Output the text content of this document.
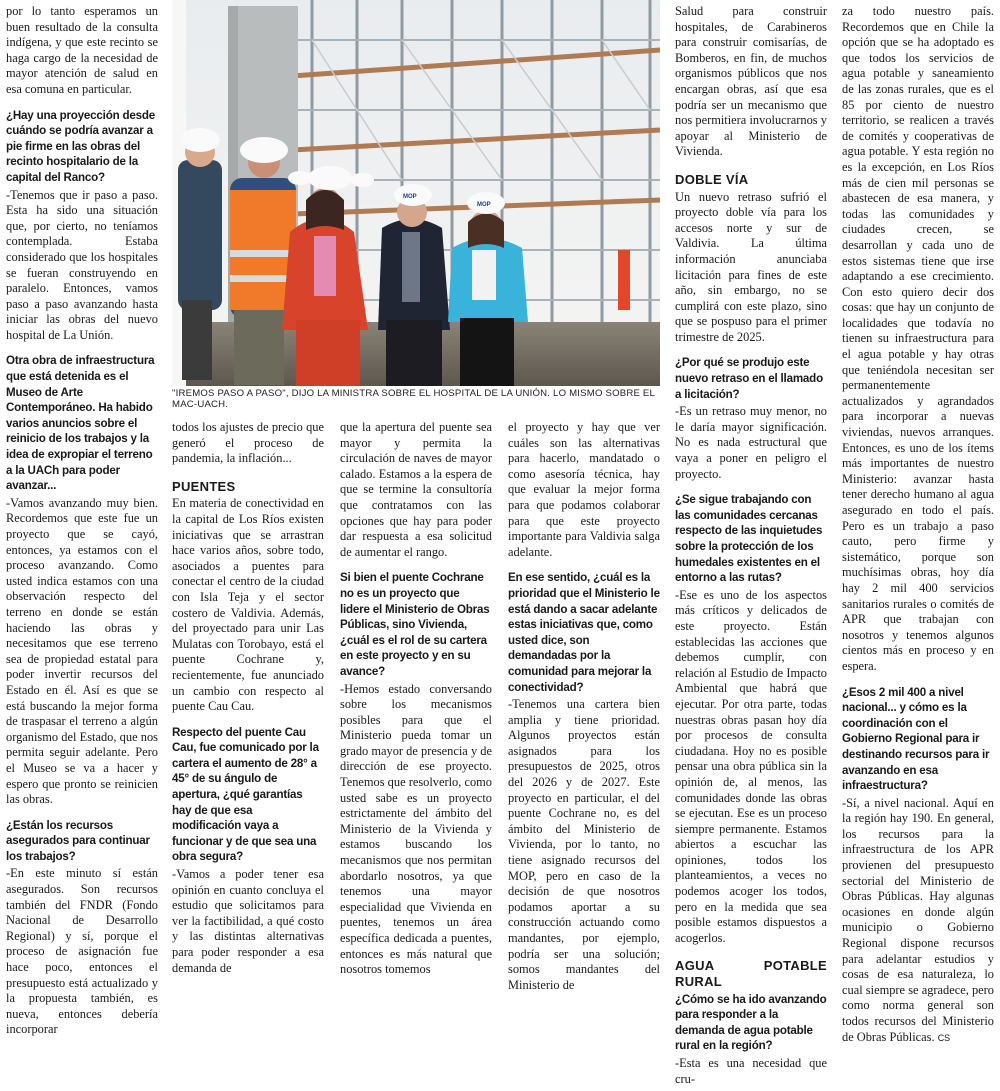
por lo tanto esperamos un buen resultado de la consulta indígena, y que este recinto se haga cargo de la necesidad de mayor atención de salud en esa comuna en particular.

¿Hay una proyección desde cuándo se podría avanzar a pie firme en las obras del recinto hospitalario de la capital del Ranco?

-Tenemos que ir paso a paso. Esta ha sido una situación que, por cierto, no teníamos contemplada. Estaba considerado que los hospitales se fueran construyendo en paralelo. Entonces, vamos paso a paso avanzando hasta iniciar las obras del nuevo hospital de La Unión.

Otra obra de infraestructura que está detenida es el Museo de Arte Contemporáneo. Ha habido varios anuncios sobre el reinicio de los trabajos y la idea de expropiar el terreno a la UACh para poder avanzar...

-Vamos avanzando muy bien. Recordemos que este fue un proyecto que se cayó, entonces, ya estamos con el proceso avanzando. Como usted indica estamos con una observación respecto del terreno en donde se están haciendo las obras y necesitamos que ese terreno sea de propiedad estatal para poder invertir recursos del Estado en él. Así es que se está buscando la mejor forma de traspasar el terreno a algún organismo del Estado, que nos permita seguir adelante. Pero el Museo se va a hacer y espero que pronto se reinicien las obras.

¿Están los recursos asegurados para continuar los trabajos?

-En este minuto sí están asegurados. Son recursos también del FNDR (Fondo Nacional de Desarrollo Regional) y sí, porque el proceso de asignación fue hace poco, entonces el presupuesto está actualizado y la propuesta también, es nueva, entonces debería incorporar

MOP
MOP
"IREMOS PASO A PASO", DIJO LA MINISTRA SOBRE EL HOSPITAL DE LA UNIÓN. LO MISMO SOBRE EL MAC-UACH.

todos los ajustes de precio que generó el proceso de pandemia, la inflación...

PUENTES

En materia de conectividad en la capital de Los Ríos existen iniciativas que se arrastran hace varios años, sobre todo, asociados a puentes para conectar el centro de la ciudad con Isla Teja y el sector costero de Valdivia. Además, del proyectado para unir Las Mulatas con Torobayo, está el puente Cochrane y, recientemente, fue anunciado un cambio con respecto al puente Cau Cau.

Respecto del puente Cau Cau, fue comunicado por la cartera el aumento de 28° a 45° de su ángulo de apertura, ¿qué garantías hay de que esa modificación vaya a funcionar y de que sea una obra segura?

-Vamos a poder tener esa opinión en cuanto concluya el estudio que solicitamos para ver la factibilidad, a qué costo y las distintas alternativas para poder responder a esa demanda de

que la apertura del puente sea mayor y permita la circulación de naves de mayor calado. Estamos a la espera de que se termine la consultoría que contratamos con las opciones que hay para poder dar respuesta a esa solicitud de aumentar el rango.

Si bien el puente Cochrane no es un proyecto que lidere el Ministerio de Obras Públicas, sino Vivienda, ¿cuál es el rol de su cartera en este proyecto y en su avance?

-Hemos estado conversando sobre los mecanismos posibles para que el Ministerio pueda tomar un grado mayor de presencia y de dirección de ese proyecto. Tenemos que resolverlo, como usted sabe es un proyecto estrictamente del ámbito del Ministerio de la Vivienda y estamos buscando los mecanismos que nos permitan abordarlo nosotros, ya que tenemos una mayor especialidad que Vivienda en puentes, tenemos un área específica dedicada a puentes, entonces es más natural que nosotros tomemos

el proyecto y hay que ver cuáles son las alternativas para hacerlo, mandatado o como asesoría técnica, hay que evaluar la mejor forma para que podamos colaborar para que este proyecto importante para Valdivia salga adelante.

En ese sentido, ¿cuál es la prioridad que el Ministerio le está dando a sacar adelante estas iniciativas que, como usted dice, son demandadas por la comunidad para mejorar la conectividad?

-Tenemos una cartera bien amplia y tiene prioridad. Algunos proyectos están asignados para los presupuestos de 2025, otros del 2026 y de 2027. Este proyecto en particular, el del puente Cochrane no, es del ámbito del Ministerio de Vivienda, por lo tanto, no tiene asignado recursos del MOP, pero en caso de la decisión de que nosotros podamos aportar a su construcción actuando como mandantes, por ejemplo, podría ser una solución; somos mandantes del Ministerio de

Salud para construir hospitales, de Carabineros para construir comisarías, de Bomberos, en fin, de muchos organismos públicos que nos encargan obras, así que esa podría ser un mecanismo que nos permitiera involucrarnos y apoyar al Ministerio de Vivienda.

DOBLE VÍA

Un nuevo retraso sufrió el proyecto doble vía para los accesos norte y sur de Valdivia. La última información anunciaba licitación para fines de este año, sin embargo, no se cumplirá con este plazo, sino que se pospuso para el primer trimestre de 2025.

¿Por qué se produjo este nuevo retraso en el llamado a licitación?

-Es un retraso muy menor, no le daría mayor significación. No es nada estructural que vaya a poner en peligro el proyecto.

¿Se sigue trabajando con las comunidades cercanas respecto de las inquietudes sobre la protección de los humedales existentes en el entorno a las rutas?

-Ese es uno de los aspectos más críticos y delicados de este proyecto. Están establecidas las acciones que debemos cumplir, con relación al Estudio de Impacto Ambiental que habrá que ejecutar. Por otra parte, todas nuestras obras pasan hoy día por procesos de consulta ciudadana. Hoy no es posible pensar una obra pública sin la opinión de, al menos, las comunidades donde las obras se ejecutan. Ese es un proceso siempre permanente. Estamos abiertos a escuchar las opiniones, todos los planteamientos, a veces no podemos acoger los todos, pero en la medida que sea posible estamos dispuestos a acogerlos.

AGUA POTABLE RURAL
¿Cómo se ha ido avanzando para responder a la demanda de agua potable rural en la región?

-Esta es una necesidad que cru-

za todo nuestro país. Recordemos que en Chile la opción que se ha adoptado es que todos los servicios de agua potable y saneamiento de las zonas rurales, que es el 85 por ciento de nuestro territorio, se realicen a través de comités y cooperativas de agua potable. Y esta región no es la excepción, en Los Ríos más de cien mil personas se abastecen de esa manera, y todas las comunidades y ciudades crecen, se desarrollan y cada uno de estos sistemas tiene que irse adaptando a ese crecimiento. Con esto quiero decir dos cosas: que hay un conjunto de localidades que todavía no tienen su infraestructura para el agua potable y hay otras que teniéndola necesitan ser permanentemente actualizados y agrandados para incorporar a nuevas viviendas, nuevos arranques. Entonces, es uno de los ítems más importantes de nuestro Ministerio: avanzar hasta tener derecho humano al agua asegurado en todo el país. Pero es un trabajo a paso cauto, pero firme y sistemático, porque son muchísimas obras, hoy día hay 2 mil 400 servicios sanitarios rurales o comités de APR que trabajan con nosotros y tenemos algunos cientos más en proceso y en espera.

¿Esos 2 mil 400 a nivel nacional... y cómo es la coordinación con el Gobierno Regional para ir destinando recursos para ir avanzando en esa infraestructura?

-Sí, a nivel nacional. Aquí en la región hay 190. En general, los recursos para la infraestructura de los APR provienen del presupuesto sectorial del Ministerio de Obras Públicas. Hay algunas ocasiones en donde algún municipio o Gobierno Regional dispone recursos para adelantar estudios y cosas de esa naturaleza, lo cual siempre se agradece, pero como norma general son todos recursos del Ministerio de Obras Públicas. CS
